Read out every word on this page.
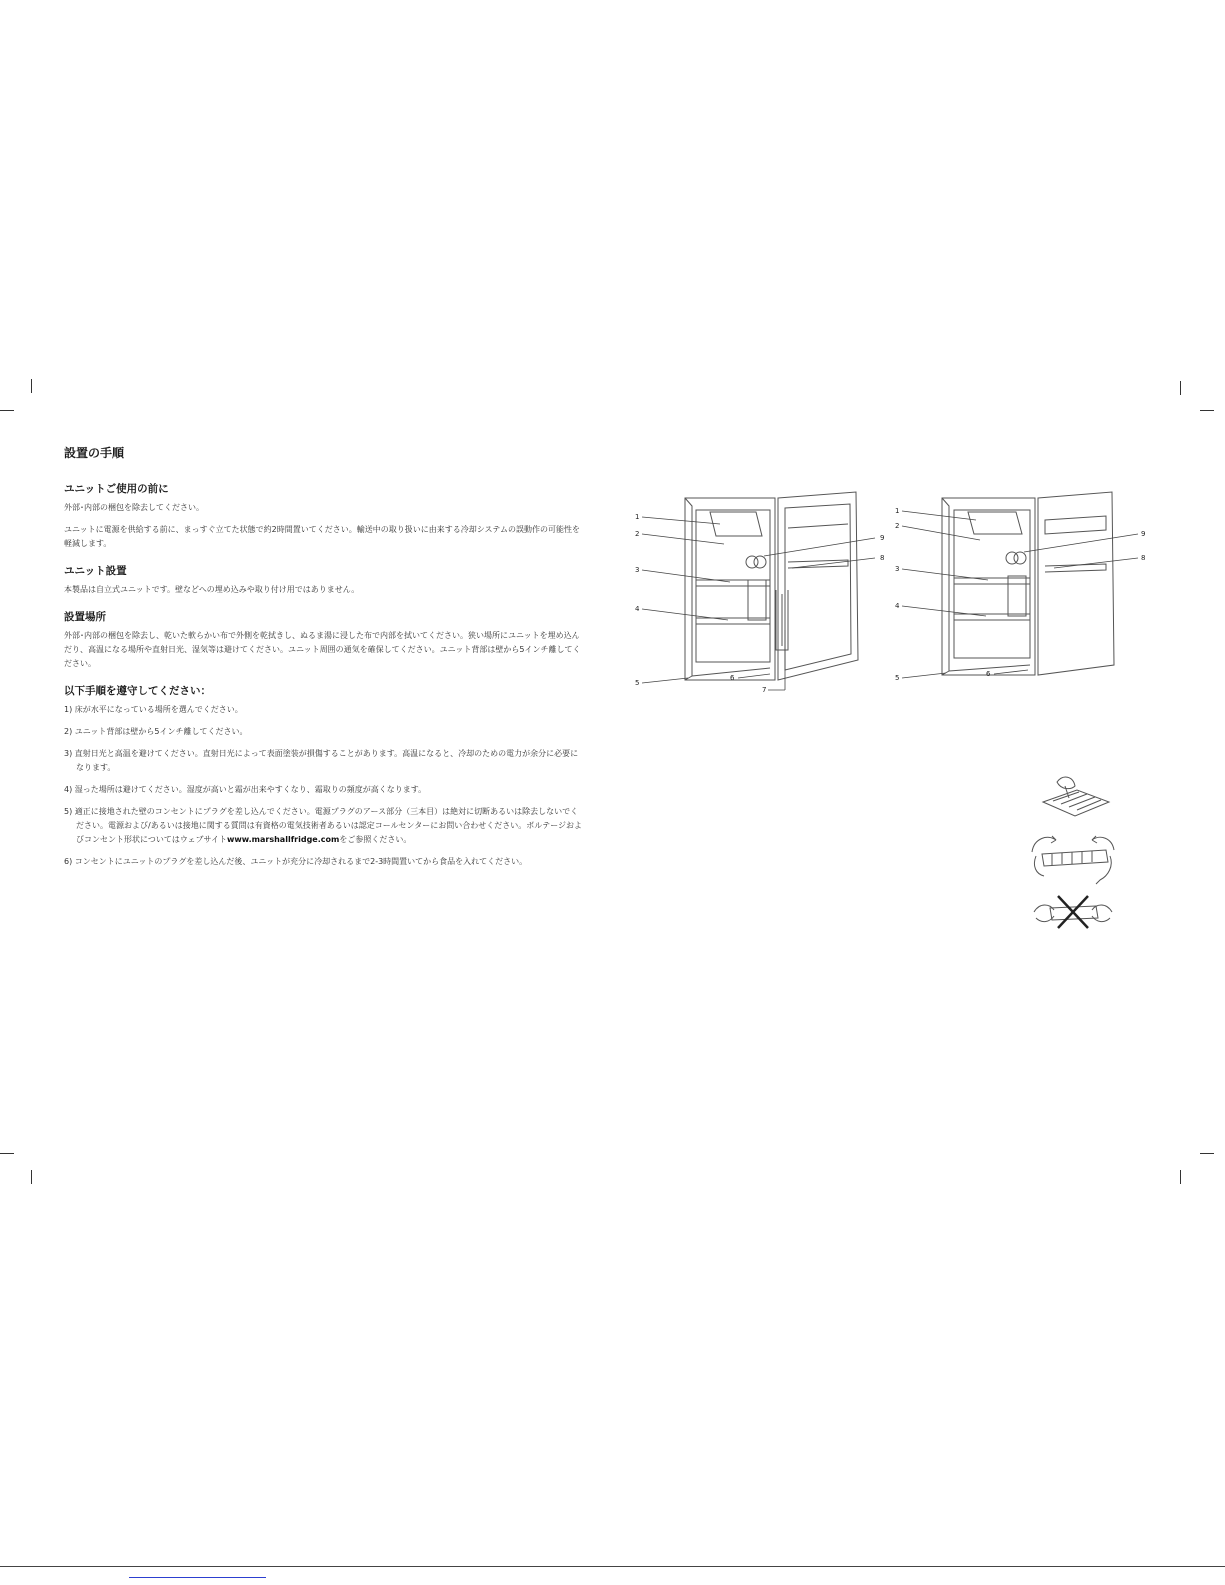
設置の手順
ユニットご使用の前に

外部･内部の梱包を除去してください。

ユニットに電源を供給する前に、まっすぐ立てた状態で約2時間置いてください。輸送中の取り扱いに由来する冷却システムの誤動作の可能性を軽減します。

ユニット設置

本製品は自立式ユニットです。壁などへの埋め込みや取り付け用ではありません。

設置場所

外部･内部の梱包を除去し、乾いた軟らかい布で外側を乾拭きし、ぬるま湯に浸した布で内部を拭いてください。狭い場所にユニットを埋め込んだり、高温になる場所や直射日光、湿気等は避けてください。ユニット周囲の通気を確保してください。ユニット背部は壁から5インチ離してください。

以下手順を遵守してください：
1) 床が水平になっている場所を選んでください。
2) ユニット背部は壁から5インチ離してください。
3) 直射日光と高温を避けてください。直射日光によって表面塗装が損傷することがあります。高温になると、冷却のための電力が余分に必要になります。
4) 湿った場所は避けてください。湿度が高いと霜が出来やすくなり、霜取りの頻度が高くなります。
5) 適正に接地された壁のコンセントにプラグを差し込んでください。電源プラグのアース部分（三本目）は絶対に切断あるいは除去しないでください。電源および/あるいは接地に関する質問は有資格の電気技術者あるいは認定コールセンターにお問い合わせください。ボルテージおよびコンセント形状についてはウェブサイトwww.marshallfridge.comをご参照ください。
6) コンセントにユニットのプラグを差し込んだ後、ユニットが充分に冷却されるまで2-3時間置いてから食品を入れてください。
1
2
3
4
5
6
7
8
9
1
2
3
4
5	6
8
9
